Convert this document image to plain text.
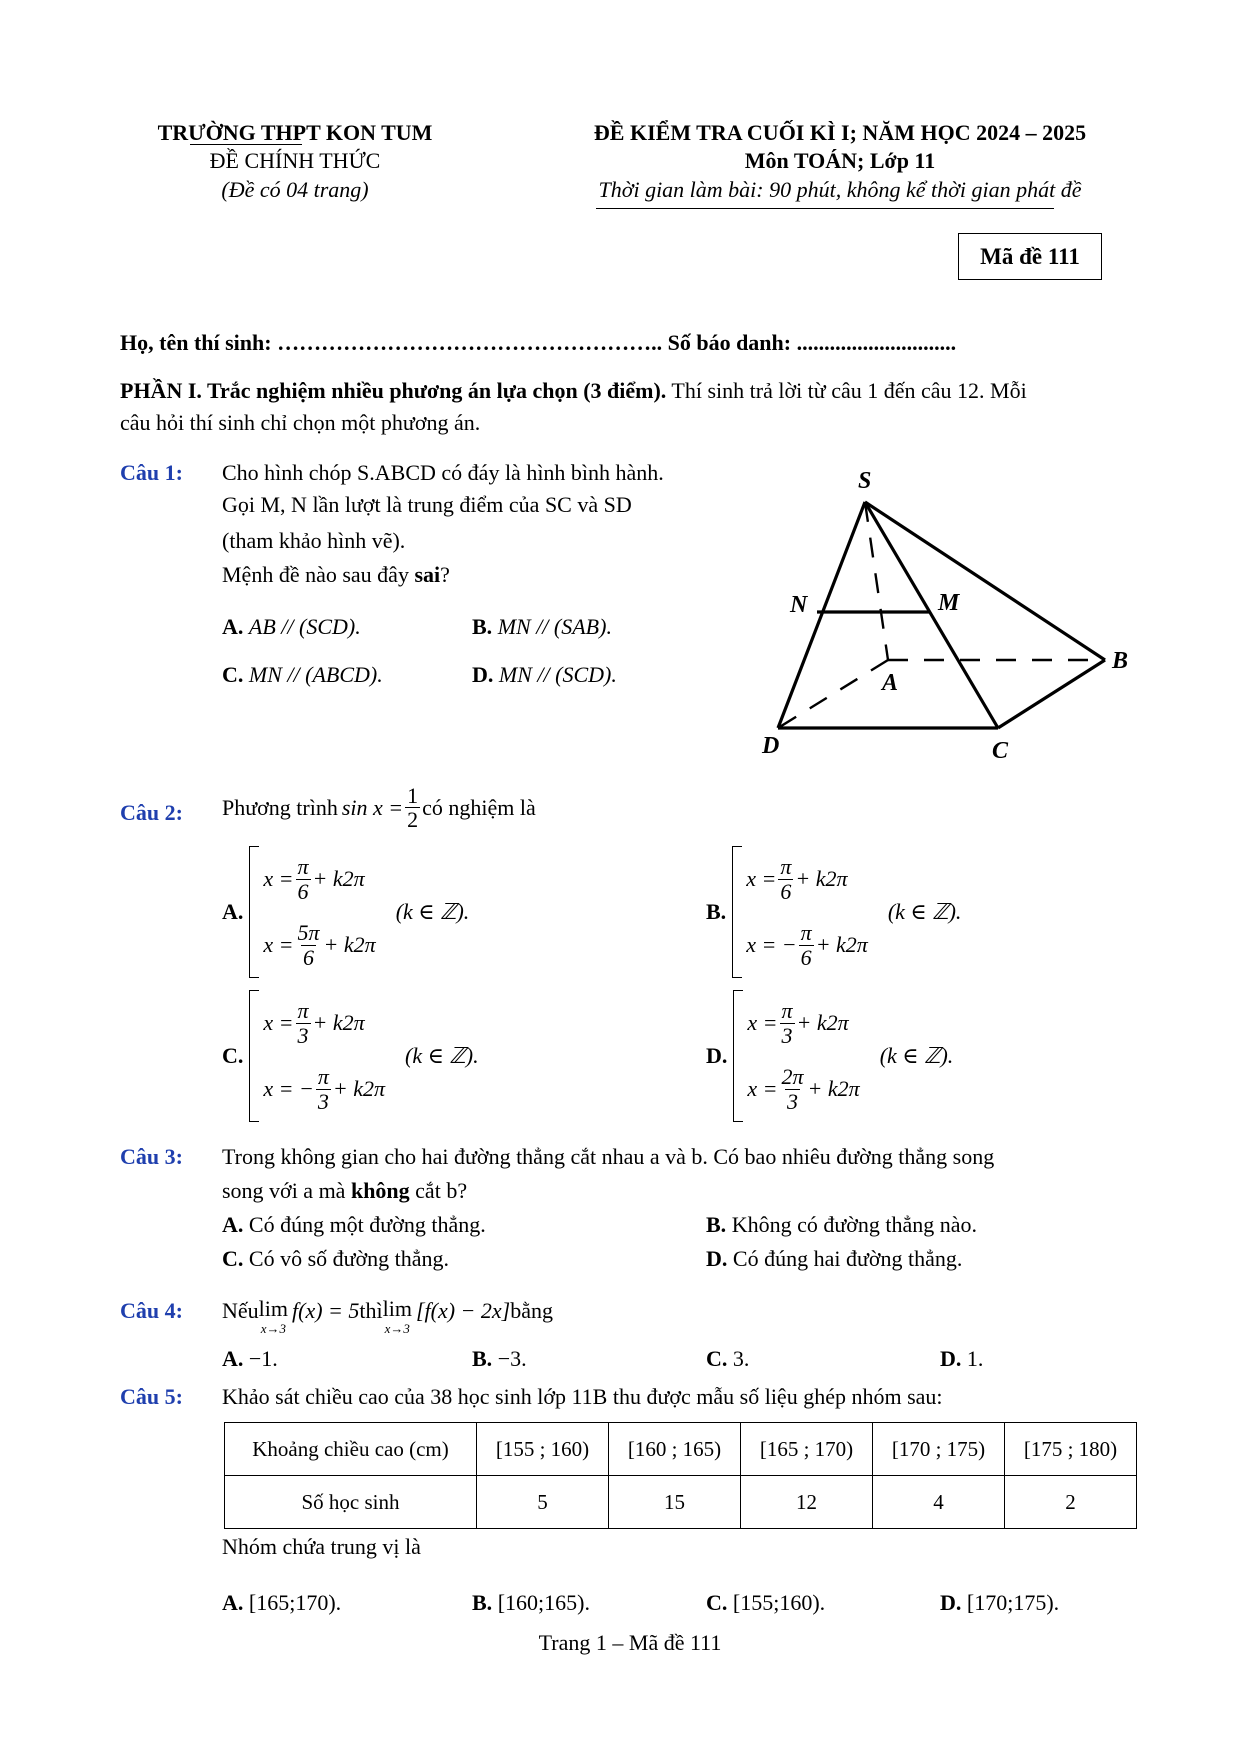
TRƯỜNG THPT KON TUM
ĐỀ CHÍNH THỨC
(Đề có 04 trang)
ĐỀ KIỂM TRA CUỐI KÌ I; NĂM HỌC 2024 – 2025
Môn TOÁN; Lớp 11
Thời gian làm bài: 90 phút, không kể thời gian phát đề
Mã đề 111
Họ, tên thí sinh: …………………………………………….. Số báo danh: .............................
PHẦN I. Trắc nghiệm nhiều phương án lựa chọn (3 điểm). Thí sinh trả lời từ câu 1 đến câu 12. Mỗi
câu hỏi thí sinh chỉ chọn một phương án.
Câu 1: Cho hình chóp S.ABCD có đáy là hình bình hành.
Gọi M, N lần lượt là trung điểm của SC và SD
(tham khảo hình vẽ).
Mệnh đề nào sau đây sai?
A. AB // (SCD).	B. MN // (SAB).
C. MN // (ABCD).	D. MN // (SCD).
S
N	M
A
B
C
D
Câu 2: Phương trình $\sin x = \frac{1}{2}$ có nghiệm là
A.
$x = \frac{\pi}{6} + k2\pi$
$x = \frac{5\pi}{6} + k2\pi$
(k ∈ ℤ).	B.
$x = \frac{\pi}{6} + k2\pi$
x = − $\frac{\pi}{6} + k2\pi$
(k ∈ ℤ).
C.
$x = \frac{\pi}{3} + k2\pi$
x = − $\frac{\pi}{3} + k2\pi$
(k ∈ ℤ).	D.
$x = \frac{\pi}{3} + k2\pi$
$x = \frac{2\pi}{3} + k2\pi$
(k ∈ ℤ).
Câu 3: Trong không gian cho hai đường thẳng cắt nhau a và b. Có bao nhiêu đường thẳng song
song với a mà không cắt b?
A. Có đúng một đường thẳng.	B. Không có đường thẳng nào.
C. Có vô số đường thẳng.	D. Có đúng hai đường thẳng.
Câu 4: Nếu lim
x→3
f(x) = 5 thì lim
x→3
[f(x) − 2x] bằng
A. −1.	B. −3.	C. 3.	D. 1.
Câu 5: Khảo sát chiều cao của 38 học sinh lớp 11B thu được mẫu số liệu ghép nhóm sau:
Khoảng chiều cao (cm)	[155 ; 160)	[160 ; 165)	[165 ; 170)	[170 ; 175)	[175 ; 180)
Số học sinh	5	15	12	4	2
Nhóm chứa trung vị là
A. [165;170).	B. [160;165).	C. [155;160).	D. [170;175).
Trang 1 – Mã đề 111
